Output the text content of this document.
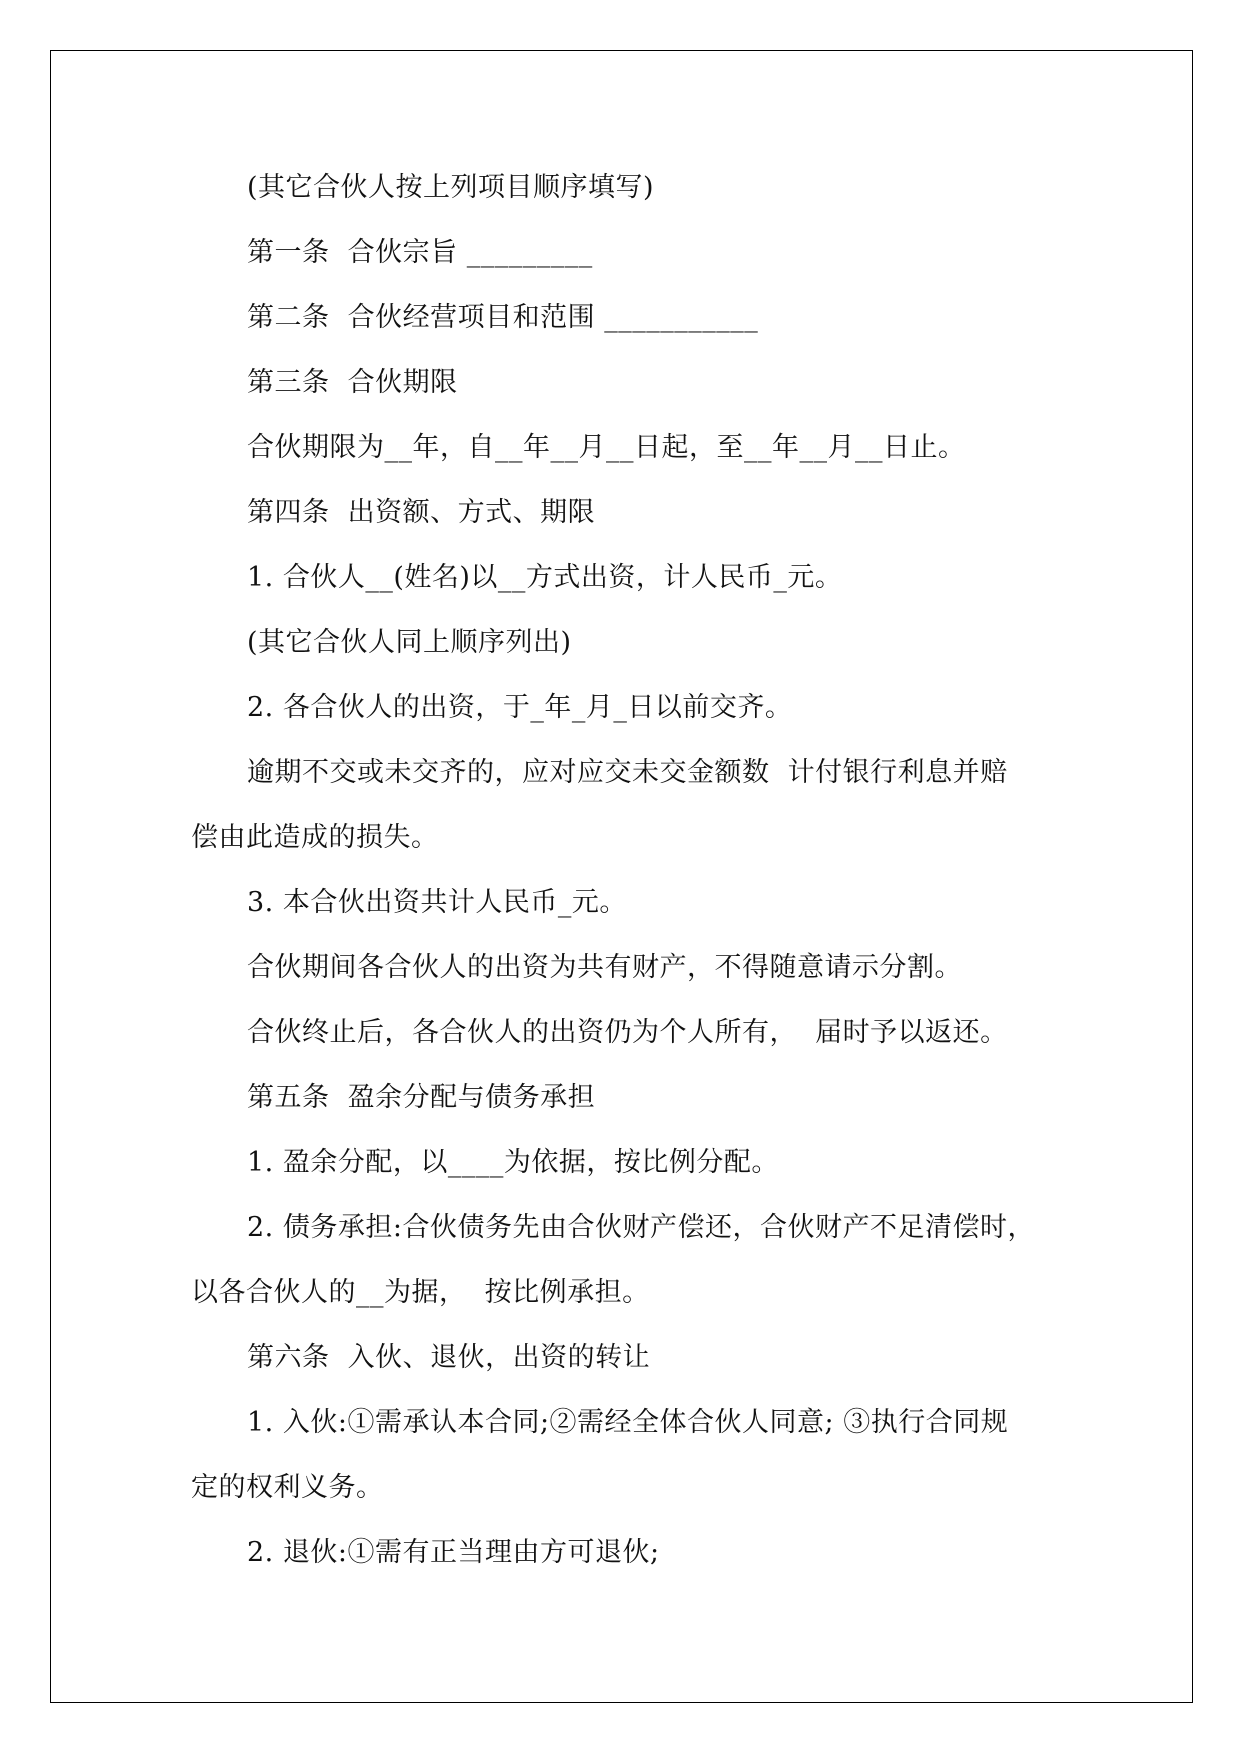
(其它合伙人按上列项目顺序填写)
第一条  合伙宗旨 _________
第二条  合伙经营项目和范围 ___________
第三条  合伙期限
合伙期限为__年，自__年__月__日起，至__年__月__日止。
第四条  出资额、方式、期限
1. 合伙人__(姓名)以__方式出资，计人民币_元。
(其它合伙人同上顺序列出)
2. 各合伙人的出资，于_年_月_日以前交齐。
逾期不交或未交齐的，应对应交未交金额数  计付银行利息并赔
偿由此造成的损失。
3. 本合伙出资共计人民币_元。
合伙期间各合伙人的出资为共有财产，不得随意请示分割。
合伙终止后，各合伙人的出资仍为个人所有，  届时予以返还。
第五条  盈余分配与债务承担
1. 盈余分配，以____为依据，按比例分配。
2. 债务承担:合伙债务先由合伙财产偿还，合伙财产不足清偿时，
以各合伙人的__为据，  按比例承担。
第六条  入伙、退伙，出资的转让
1. 入伙:①需承认本合同;②需经全体合伙人同意; ③执行合同规
定的权利义务。
2. 退伙:①需有正当理由方可退伙;
